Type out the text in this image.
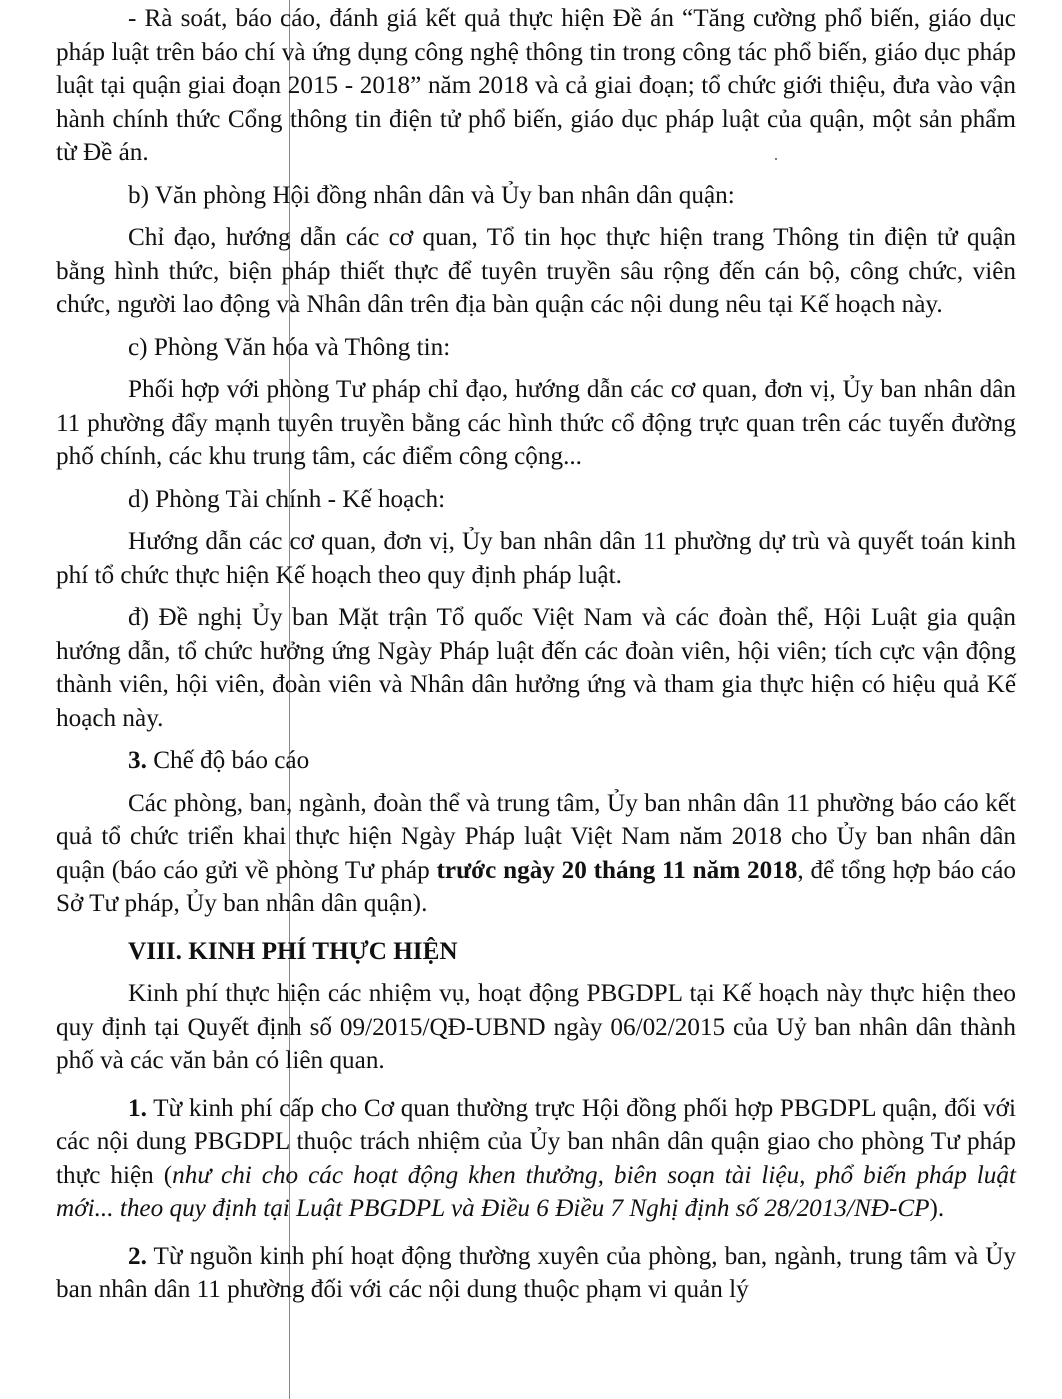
- Rà soát, báo cáo, đánh giá kết quả thực hiện Đề án “Tăng cường phổ biến, giáo dục pháp luật trên báo chí và ứng dụng công nghệ thông tin trong công tác phổ biến, giáo dục pháp luật tại quận giai đoạn 2015 - 2018” năm 2018 và cả giai đoạn; tổ chức giới thiệu, đưa vào vận hành chính thức Cổng thông tin điện tử phổ biến, giáo dục pháp luật của quận, một sản phẩm từ Đề án.

b) Văn phòng Hội đồng nhân dân và Ủy ban nhân dân quận:

Chỉ đạo, hướng dẫn các cơ quan, Tổ tin học thực hiện trang Thông tin điện tử quận bằng hình thức, biện pháp thiết thực để tuyên truyền sâu rộng đến cán bộ, công chức, viên chức, người lao động và Nhân dân trên địa bàn quận các nội dung nêu tại Kế hoạch này.

c) Phòng Văn hóa và Thông tin:

Phối hợp với phòng Tư pháp chỉ đạo, hướng dẫn các cơ quan, đơn vị, Ủy ban nhân dân 11 phường đẩy mạnh tuyên truyền bằng các hình thức cổ động trực quan trên các tuyến đường phố chính, các khu trung tâm, các điểm công cộng...

d) Phòng Tài chính - Kế hoạch:

Hướng dẫn các cơ quan, đơn vị, Ủy ban nhân dân 11 phường dự trù và quyết toán kinh phí tổ chức thực hiện Kế hoạch theo quy định pháp luật.

đ) Đề nghị Ủy ban Mặt trận Tổ quốc Việt Nam và các đoàn thể, Hội Luật gia quận hướng dẫn, tổ chức hưởng ứng Ngày Pháp luật đến các đoàn viên, hội viên; tích cực vận động thành viên, hội viên, đoàn viên và Nhân dân hưởng ứng và tham gia thực hiện có hiệu quả Kế hoạch này.

3. Chế độ báo cáo

Các phòng, ban, ngành, đoàn thể và trung tâm, Ủy ban nhân dân 11 phường báo cáo kết quả tổ chức triển khai thực hiện Ngày Pháp luật Việt Nam năm 2018 cho Ủy ban nhân dân quận (báo cáo gửi về phòng Tư pháp trước ngày 20 tháng 11 năm 2018, để tổng hợp báo cáo Sở Tư pháp, Ủy ban nhân dân quận).

VIII. KINH PHÍ THỰC HIỆN

Kinh phí thực hiện các nhiệm vụ, hoạt động PBGDPL tại Kế hoạch này thực hiện theo quy định tại Quyết định số 09/2015/QĐ-UBND ngày 06/02/2015 của Uỷ ban nhân dân thành phố và các văn bản có liên quan.

1. Từ kinh phí cấp cho Cơ quan thường trực Hội đồng phối hợp PBGDPL quận, đối với các nội dung PBGDPL thuộc trách nhiệm của Ủy ban nhân dân quận giao cho phòng Tư pháp thực hiện (như chi cho các hoạt động khen thưởng, biên soạn tài liệu, phổ biến pháp luật mới... theo quy định tại Luật PBGDPL và Điều 6 Điều 7 Nghị định số 28/2013/NĐ-CP).

2. Từ nguồn kinh phí hoạt động thường xuyên của phòng, ban, ngành, trung tâm và Ủy ban nhân dân 11 phường đối với các nội dung thuộc phạm vi quản lý
